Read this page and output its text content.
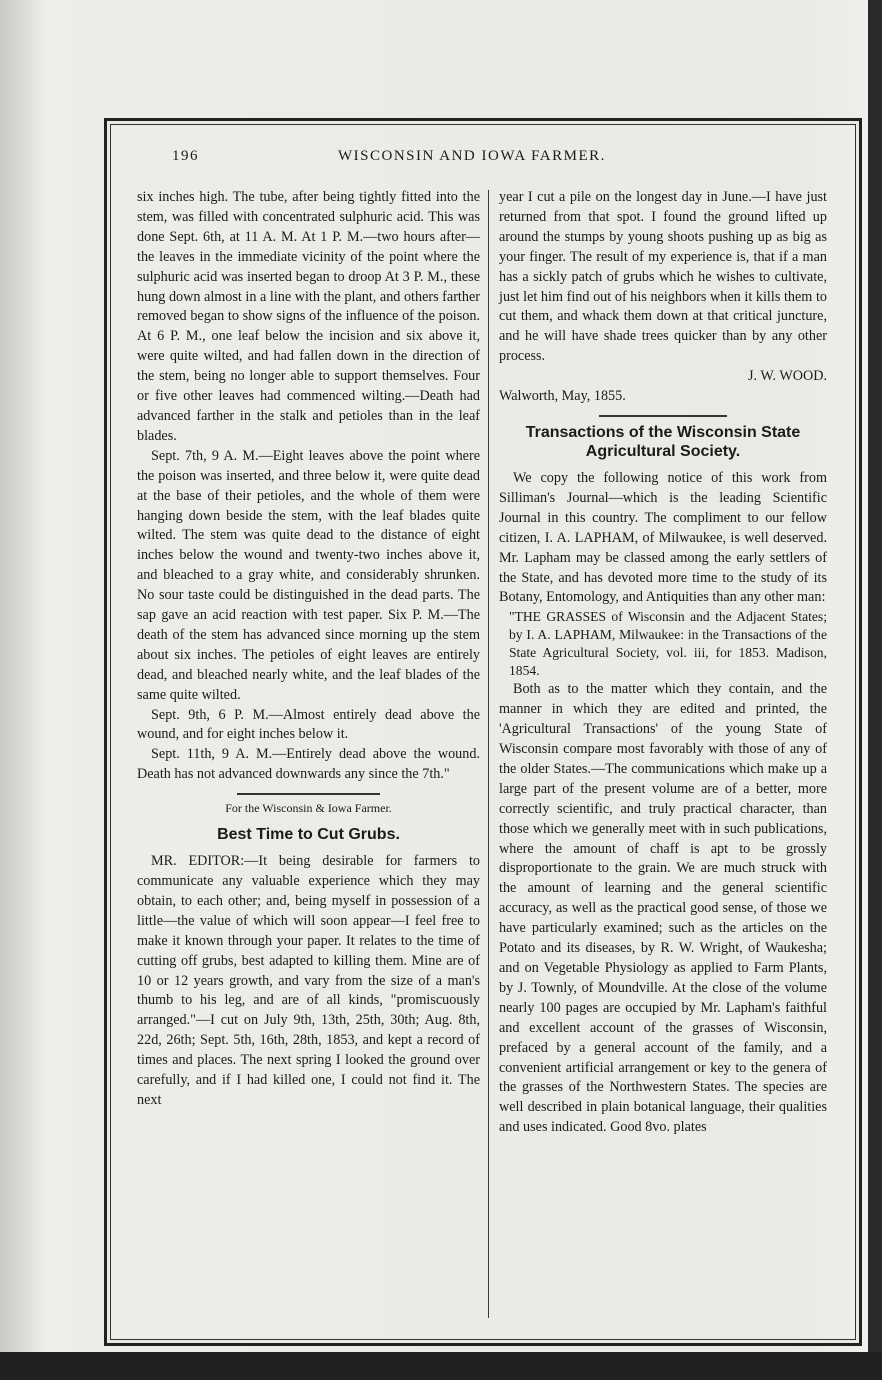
196	WISCONSIN AND IOWA FARMER.

six inches high. The tube, after being tightly fitted into the stem, was filled with concentrated sulphuric acid. This was done Sept. 6th, at 11 A. M. At 1 P. M.—two hours after—the leaves in the immediate vicinity of the point where the sulphuric acid was inserted began to droop At 3 P. M., these hung down almost in a line with the plant, and others farther removed began to show signs of the influence of the poison. At 6 P. M., one leaf below the incision and six above it, were quite wilted, and had fallen down in the direction of the stem, being no longer able to support themselves. Four or five other leaves had commenced wilting.—Death had advanced farther in the stalk and petioles than in the leaf blades.

Sept. 7th, 9 A. M.—Eight leaves above the point where the poison was inserted, and three below it, were quite dead at the base of their petioles, and the whole of them were hanging down beside the stem, with the leaf blades quite wilted. The stem was quite dead to the distance of eight inches below the wound and twenty-two inches above it, and bleached to a gray white, and considerably shrunken. No sour taste could be distinguished in the dead parts. The sap gave an acid reaction with test paper. Six P. M.—The death of the stem has advanced since morning up the stem about six inches. The petioles of eight leaves are entirely dead, and bleached nearly white, and the leaf blades of the same quite wilted.

Sept. 9th, 6 P. M.—Almost entirely dead above the wound, and for eight inches below it.

Sept. 11th, 9 A. M.—Entirely dead above the wound. Death has not advanced downwards any since the 7th."

For the Wisconsin & Iowa Farmer.
Best Time to Cut Grubs.

MR. EDITOR:—It being desirable for farmers to communicate any valuable experience which they may obtain, to each other; and, being myself in possession of a little—the value of which will soon appear—I feel free to make it known through your paper. It relates to the time of cutting off grubs, best adapted to killing them. Mine are of 10 or 12 years growth, and vary from the size of a man's thumb to his leg, and are of all kinds, "promiscuously arranged."—I cut on July 9th, 13th, 25th, 30th; Aug. 8th, 22d, 26th; Sept. 5th, 16th, 28th, 1853, and kept a record of times and places. The next spring I looked the ground over carefully, and if I had killed one, I could not find it. The next

year I cut a pile on the longest day in June.—I have just returned from that spot. I found the ground lifted up around the stumps by young shoots pushing up as big as your finger. The result of my experience is, that if a man has a sickly patch of grubs which he wishes to cultivate, just let him find out of his neighbors when it kills them to cut them, and whack them down at that critical juncture, and he will have shade trees quicker than by any other process.

J. W. WOOD.

Walworth, May, 1855.

Transactions of the Wisconsin State Agricultural Society.

We copy the following notice of this work from Silliman's Journal—which is the leading Scientific Journal in this country. The compliment to our fellow citizen, I. A. LAPHAM, of Milwaukee, is well deserved. Mr. Lapham may be classed among the early settlers of the State, and has devoted more time to the study of its Botany, Entomology, and Antiquities than any other man:

"THE GRASSES of Wisconsin and the Adjacent States; by I. A. LAPHAM, Milwaukee: in the Transactions of the State Agricultural Society, vol. iii, for 1853. Madison, 1854.

Both as to the matter which they contain, and the manner in which they are edited and printed, the 'Agricultural Transactions' of the young State of Wisconsin compare most favorably with those of any of the older States.—The communications which make up a large part of the present volume are of a better, more correctly scientific, and truly practical character, than those which we generally meet with in such publications, where the amount of chaff is apt to be grossly disproportionate to the grain. We are much struck with the amount of learning and the general scientific accuracy, as well as the practical good sense, of those we have particularly examined; such as the articles on the Potato and its diseases, by R. W. Wright, of Waukesha; and on Vegetable Physiology as applied to Farm Plants, by J. Townly, of Moundville. At the close of the volume nearly 100 pages are occupied by Mr. Lapham's faithful and excellent account of the grasses of Wisconsin, prefaced by a general account of the family, and a convenient artificial arrangement or key to the genera of the grasses of the Northwestern States. The species are well described in plain botanical language, their qualities and uses indicated. Good 8vo. plates
